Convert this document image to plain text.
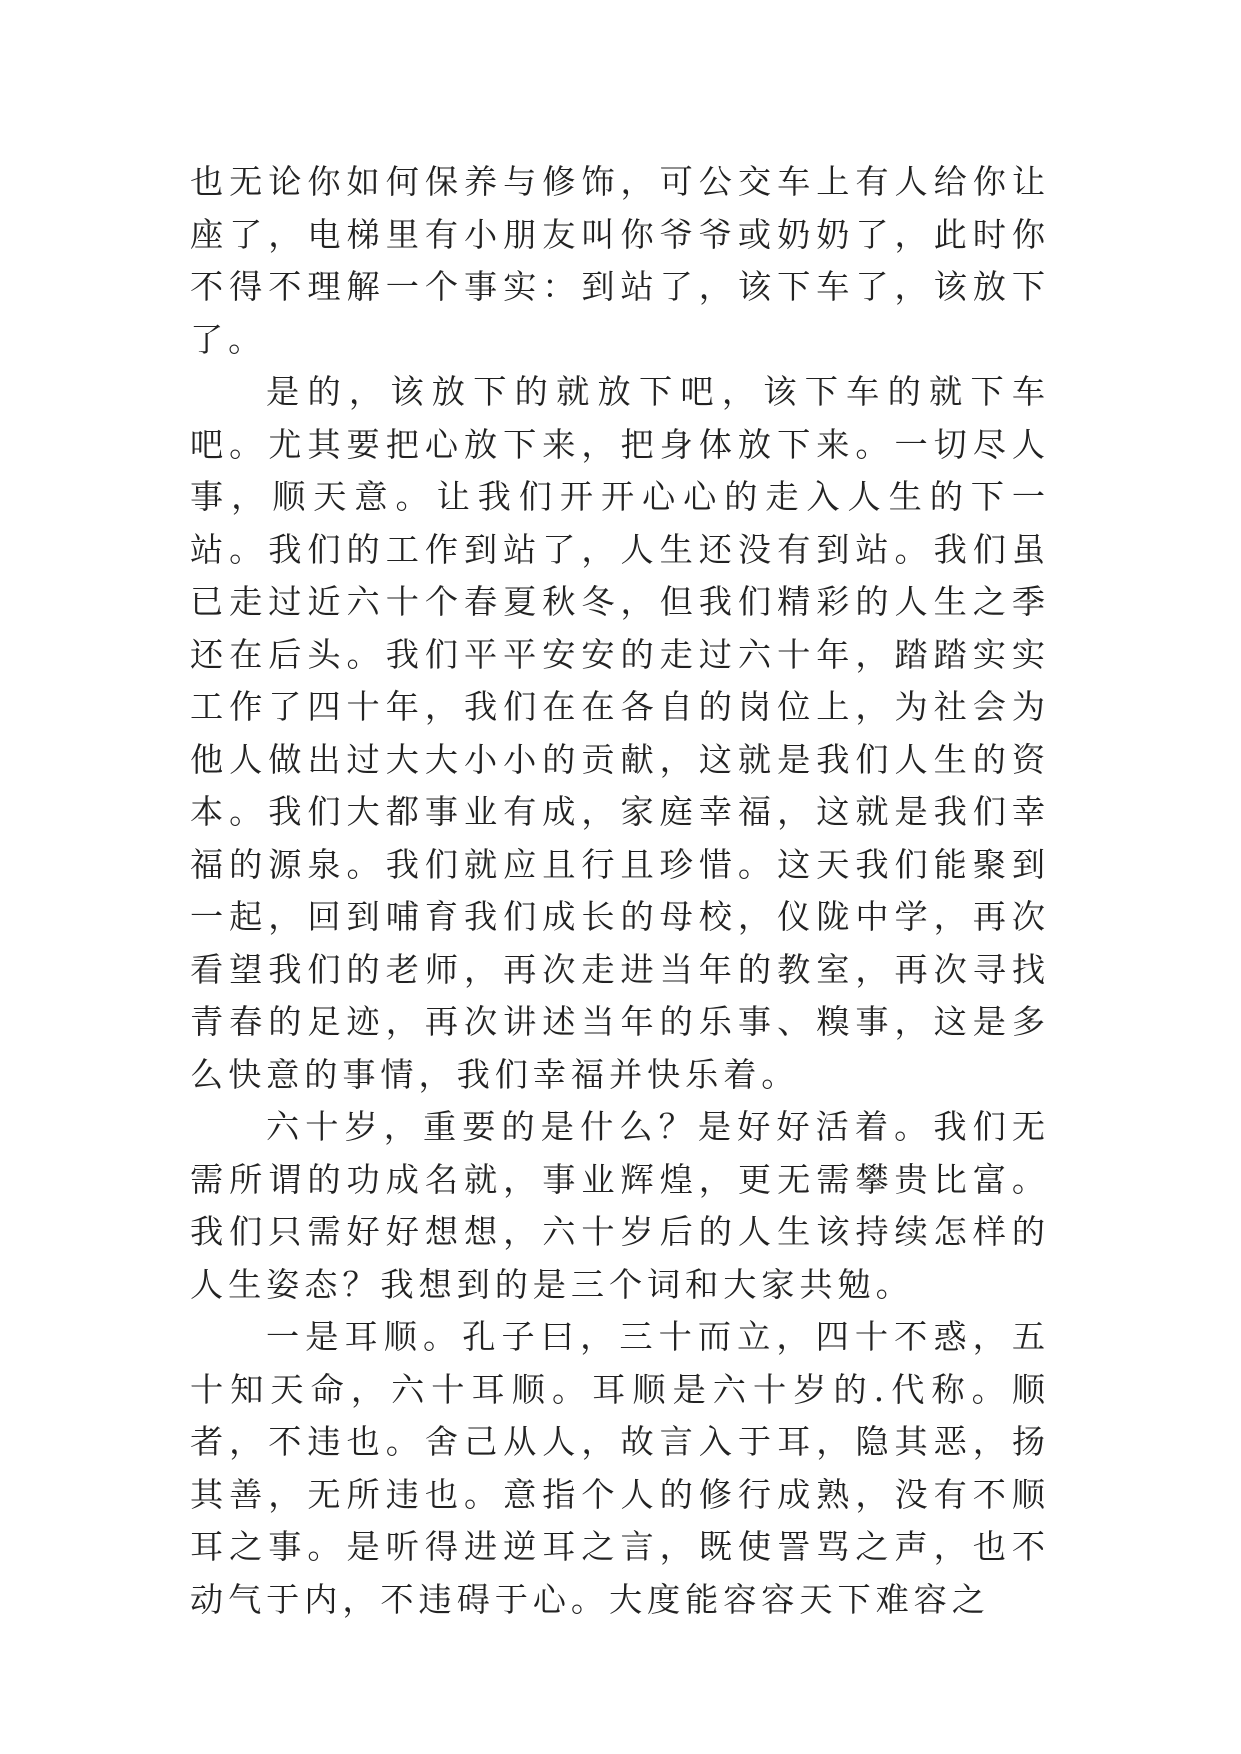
也无论你如何保养与修饰，可公交车上有人给你让座了，电梯里有小朋友叫你爷爷或奶奶了，此时你不得不理解一个事实：到站了，该下车了，该放下了。

是的，该放下的就放下吧，该下车的就下车吧。尤其要把心放下来，把身体放下来。一切尽人事，顺天意。让我们开开心心的走入人生的下一站。我们的工作到站了，人生还没有到站。我们虽已走过近六十个春夏秋冬，但我们精彩的人生之季还在后头。我们平平安安的走过六十年，踏踏实实工作了四十年，我们在在各自的岗位上，为社会为他人做出过大大小小的贡献，这就是我们人生的资本。我们大都事业有成，家庭幸福，这就是我们幸福的源泉。我们就应且行且珍惜。这天我们能聚到一起，回到哺育我们成长的母校，仪陇中学，再次看望我们的老师，再次走进当年的教室，再次寻找青春的足迹，再次讲述当年的乐事、糗事，这是多么快意的事情，我们幸福并快乐着。

六十岁，重要的是什么？是好好活着。我们无需所谓的功成名就，事业辉煌，更无需攀贵比富。我们只需好好想想，六十岁后的人生该持续怎样的人生姿态？我想到的是三个词和大家共勉。

一是耳顺。孔子曰，三十而立，四十不惑，五十知天命，六十耳顺。耳顺是六十岁的.代称。顺者，不违也。舍己从人，故言入于耳，隐其恶，扬其善，无所违也。意指个人的修行成熟，没有不顺耳之事。是听得进逆耳之言，既使詈骂之声，也不动气于内，不违碍于心。大度能容容天下难容之
